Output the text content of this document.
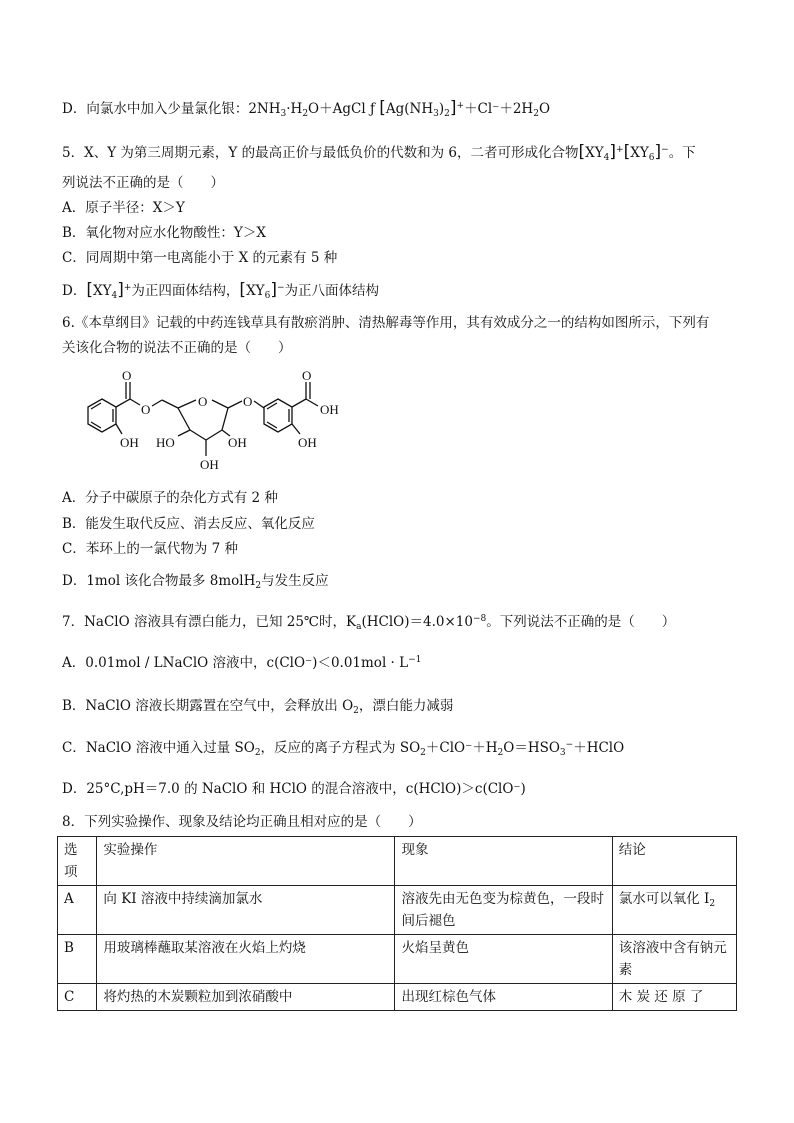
D．向氯水中加入少量氯化银：$2NH_3\cdot H_2O+AgCl$ ƒ $[Ag(NH_3)_2]^++Cl^-+2H_2O$
5．X、Y 为第三周期元素，Y 的最高正价与最低负价的代数和为 6，二者可形成化合物$[XY_4]^+[XY_6]^-$。下
列说法不正确的是（　　）
A．原子半径：X＞Y
B．氧化物对应水化物酸性：Y＞X
C．同周期中第一电离能小于 X 的元素有 5 种
D．$[XY_4]^+$为正四面体结构，$[XY_6]^-$为正八面体结构
6.《本草纲目》记载的中药连钱草具有散瘀消肿、清热解毒等作用，其有效成分之一的结构如图所示，下列有
关该化合物的说法不正确的是（　　）
OH
O
O
O
HO
OH
OH
O
O
OH
OH
A．分子中碳原子的杂化方式有 2 种
B．能发生取代反应、消去反应、氧化反应
C．苯环上的一氯代物为 7 种
D．1mol 该化合物最多 8molH$_2$与发生反应
7．NaClO 溶液具有漂白能力，已知 25℃时，$K_a(HClO)=4.0\times 10^{-8}$。下列说法不正确的是（　　）
A．0.01mol / LNaClO 溶液中，$c(ClO^-)<0.01mol \cdot L^{-1}$
B．NaClO 溶液长期露置在空气中，会释放出 $O_2$，漂白能力减弱
C．NaClO 溶液中通入过量 $SO_2$，反应的离子方程式为 $SO_2+ClO^-+H_2O=HSO_3^-+HClO$
D．25°C,pH＝7.0 的 NaClO 和 HClO 的混合溶液中，c(HClO)＞c(ClO⁻)
8．下列实验操作、现象及结论均正确且相对应的是（　　）
选项	实验操作	现象	结论
A	向 KI 溶液中持续滴加氯水	溶液先由无色变为棕黄色，一段时间后褪色	氯水可以氧化 $I_2$
B	用玻璃棒蘸取某溶液在火焰上灼烧	火焰呈黄色	该溶液中含有钠元素
C	将灼热的木炭颗粒加到浓硝酸中	出现红棕色气体	木 炭 还 原 了
